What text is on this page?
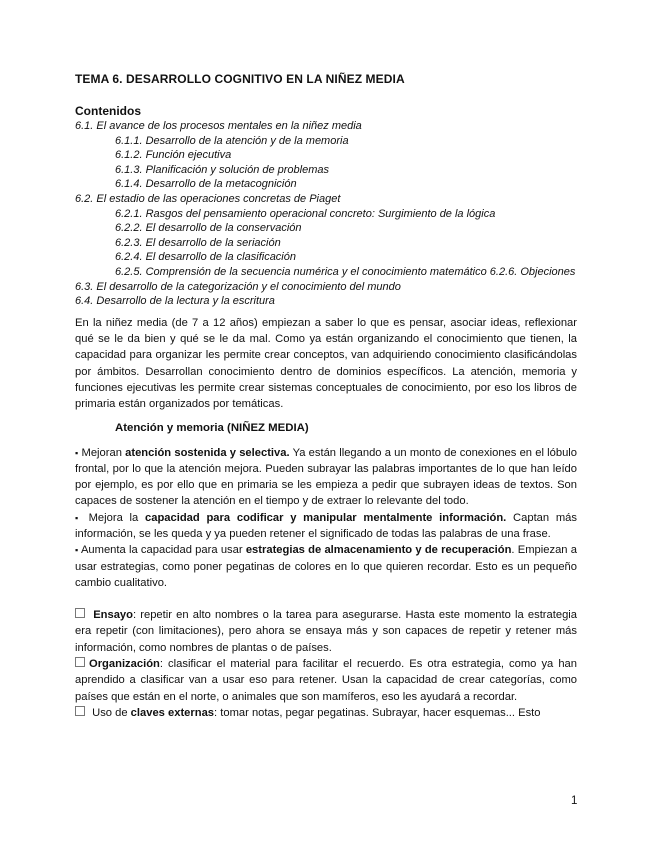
TEMA 6. DESARROLLO COGNITIVO EN LA NIÑEZ MEDIA
Contenidos
6.1. El avance de los procesos mentales en la niñez media
6.1.1. Desarrollo de la atención y de la memoria
6.1.2. Función ejecutiva
6.1.3. Planificación y solución de problemas
6.1.4. Desarrollo de la metacognición
6.2. El estadio de las operaciones concretas de Piaget
6.2.1. Rasgos del pensamiento operacional concreto: Surgimiento de la lógica
6.2.2. El desarrollo de la conservación
6.2.3. El desarrollo de la seriación
6.2.4. El desarrollo de la clasificación
6.2.5. Comprensión de la secuencia numérica y el conocimiento matemático 6.2.6. Objeciones
6.3. El desarrollo de la categorización y el conocimiento del mundo
6.4. Desarrollo de la lectura y la escritura

En la niñez media (de 7 a 12 años) empiezan a saber lo que es pensar, asociar ideas, reflexionar qué se le da bien y qué se le da mal. Como ya están organizando el conocimiento que tienen, la capacidad para organizar les permite crear conceptos, van adquiriendo conocimiento clasificándolas por ámbitos. Desarrollan conocimiento dentro de dominios específicos. La atención, memoria y funciones ejecutivas les permite crear sistemas conceptuales de conocimiento, por eso los libros de primaria están organizados por temáticas.

Atención y memoria (NIÑEZ MEDIA)

▪ Mejoran atención sostenida y selectiva. Ya están llegando a un monto de conexiones en el lóbulo frontal, por lo que la atención mejora. Pueden subrayar las palabras importantes de lo que han leído por ejemplo, es por ello que en primaria se les empieza a pedir que subrayen ideas de textos. Son capaces de sostener la atención en el tiempo y de extraer lo relevante del todo.

▪ Mejora la capacidad para codificar y manipular mentalmente información. Captan más información, se les queda y ya pueden retener el significado de todas las palabras de una frase.

▪ Aumenta la capacidad para usar estrategias de almacenamiento y de recuperación. Empiezan a usar estrategias, como poner pegatinas de colores en lo que quieren recordar. Esto es un pequeño cambio cualitativo.

Ensayo: repetir en alto nombres o la tarea para asegurarse. Hasta este momento la estrategia era repetir (con limitaciones), pero ahora se ensaya más y son capaces de repetir y retener más información, como nombres de plantas o de países.

Organización: clasificar el material para facilitar el recuerdo. Es otra estrategia, como ya han aprendido a clasificar van a usar eso para retener. Usan la capacidad de crear categorías, como países que están en el norte, o animales que son mamíferos, eso les ayudará a recordar.

Uso de claves externas: tomar notas, pegar pegatinas. Subrayar, hacer esquemas... Esto

1
